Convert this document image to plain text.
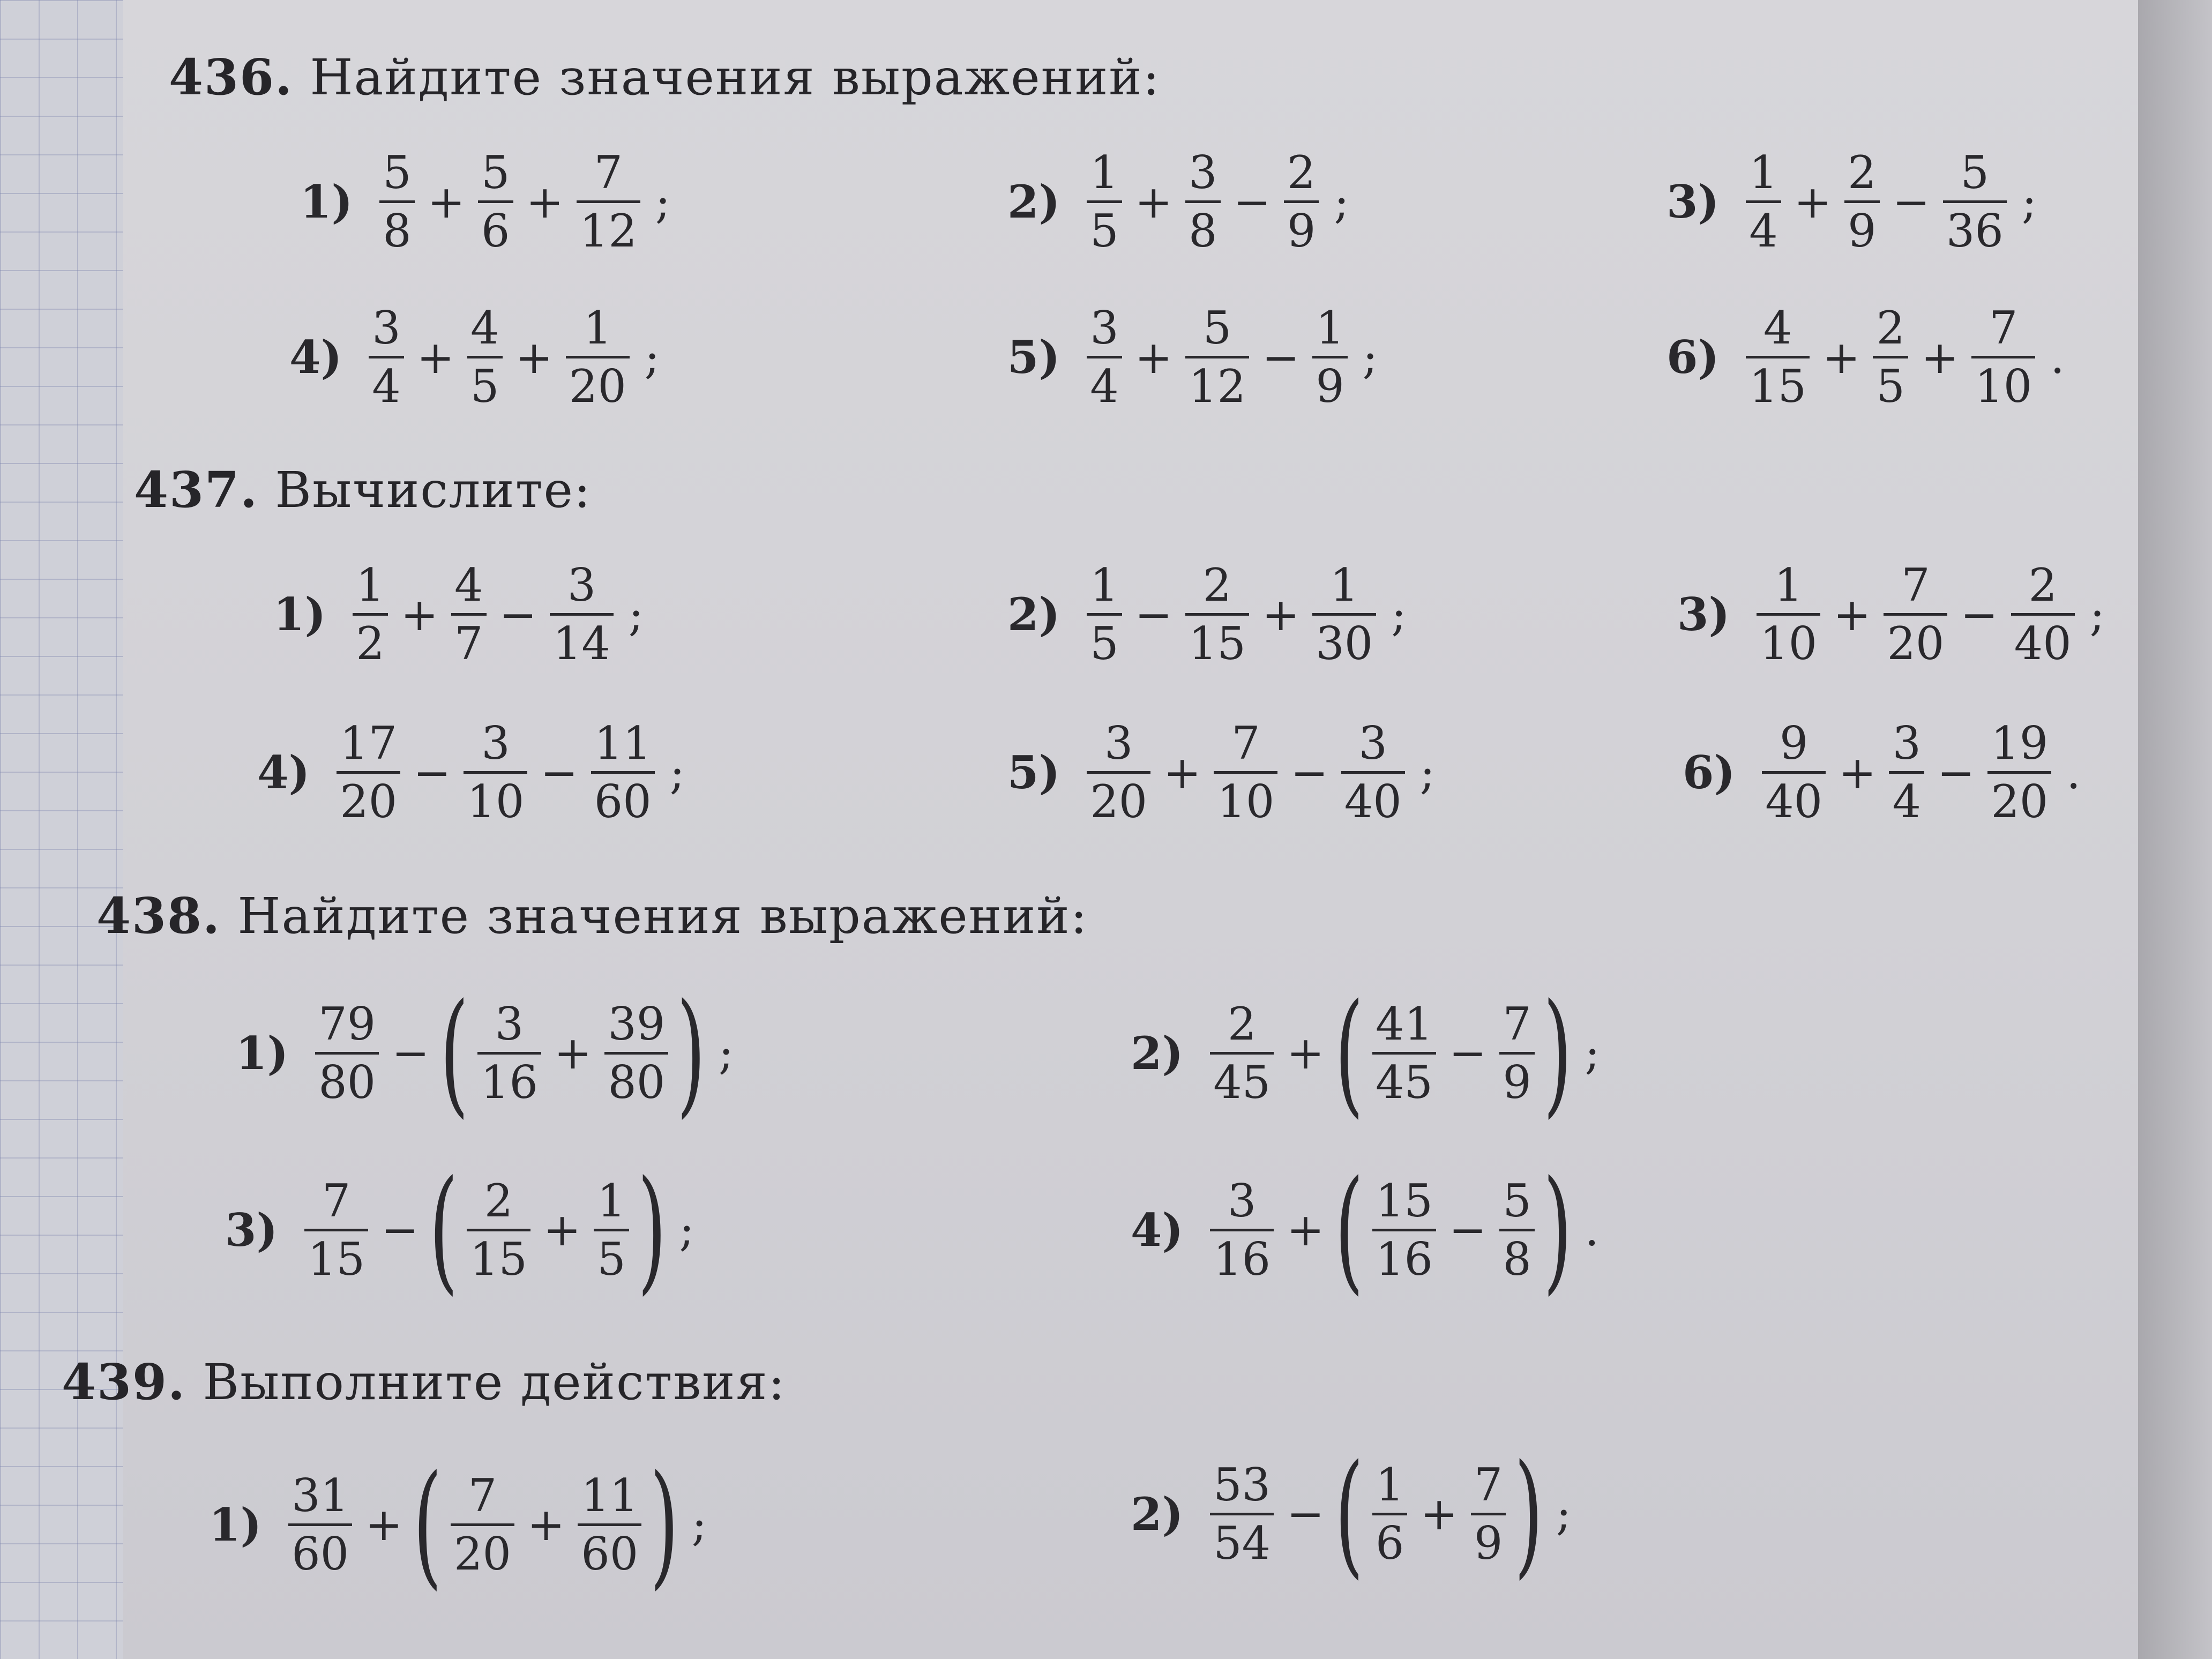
436. Найдите значения выражений:
$1) \frac{5}{8} + \frac{5}{6} + \frac{7}{12}$ ;	$2) \frac{1}{5} + \frac{3}{8} - \frac{2}{9}$ ;	$3) \frac{1}{4} + \frac{2}{9} - \frac{5}{36}$ ;
$4) \frac{3}{4} + \frac{4}{5} + \frac{1}{20}$ ;	$5) \frac{3}{4} + \frac{5}{12} - \frac{1}{9}$ ;	$6) \frac{4}{15} + \frac{2}{5} + \frac{7}{10}$ .
437. Вычислите:
$1) \frac{1}{2} + \frac{4}{7} - \frac{3}{14}$ ;	$2) \frac{1}{5} - \frac{2}{15} + \frac{1}{30}$ ;	$3) \frac{1}{10} + \frac{7}{20} - \frac{2}{40}$ ;
$4) \frac{17}{20} - \frac{3}{10} - \frac{11}{60}$ ;	$5) \frac{3}{20} + \frac{7}{10} - \frac{3}{40}$ ;	$6) \frac{9}{40} + \frac{3}{4} - \frac{19}{20}$ .
438. Найдите значения выражений:
$1) \frac{79}{80}$ − ( $\frac{3}{16} + \frac{39}{80}$ ) ;	$2) \frac{2}{45}$ + ( $\frac{41}{45} - \frac{7}{9}$ ) ;
$3) \frac{7}{15}$ − ( $\frac{2}{15} + \frac{1}{5}$ ) ;	$4) \frac{3}{16}$ + ( $\frac{15}{16} - \frac{5}{8}$ ) .
439. Выполните действия:
$1) \frac{31}{60}$ + ( $\frac{7}{20} + \frac{11}{60}$ ) ;	$2) \frac{53}{54}$ − ( $\frac{1}{6} + \frac{7}{9}$ ) ;
